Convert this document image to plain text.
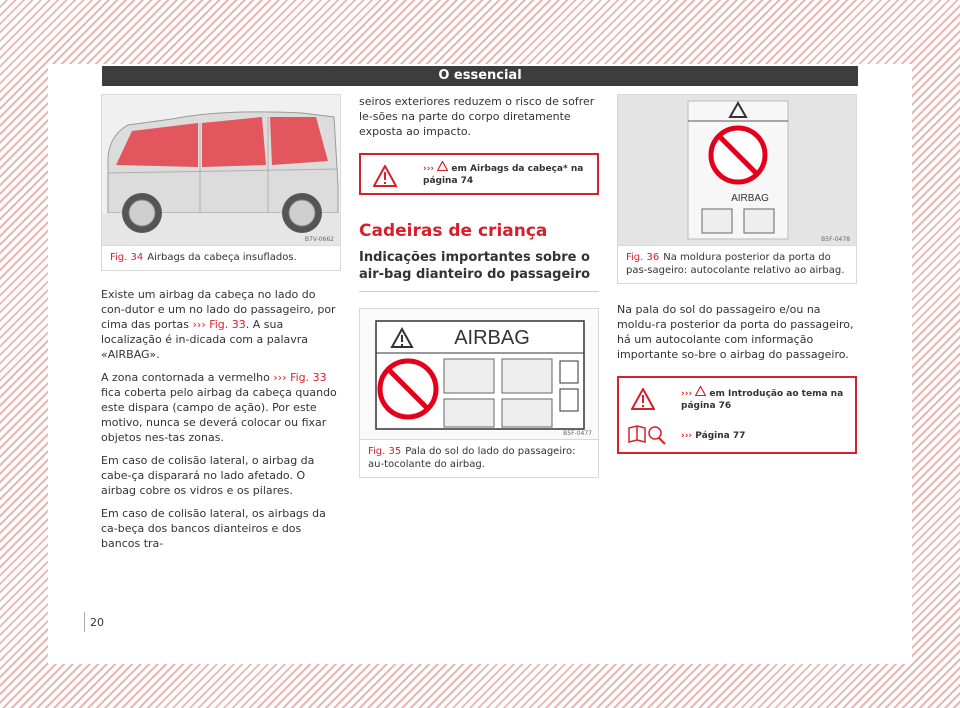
O essencial
B7V-0662
Fig. 34 Airbags da cabeça insuflados.

Existe um airbag da cabeça no lado do con-dutor e um no lado do passageiro, por cima das portas ››› Fig. 33. A sua localização é in-dicada com a palavra «AIRBAG».

A zona contornada a vermelho ››› Fig. 33 fica coberta pelo airbag da cabeça quando este dispara (campo de ação). Por este motivo, nunca se deverá colocar ou fixar objetos nes-tas zonas.

Em caso de colisão lateral, o airbag da cabe-ça disparará no lado afetado. O airbag cobre os vidros e os pilares.

Em caso de colisão lateral, os airbags da ca-beça dos bancos dianteiros e dos bancos tra-

seiros exteriores reduzem o risco de sofrer le-sões na parte do corpo diretamente exposta ao impacto.

››› em Airbags da cabeça* na página 74
Cadeiras de criança
Indicações importantes sobre o air-bag dianteiro do passageiro
AIRBAG
B5F-0477
Fig. 35 Pala do sol do lado do passageiro: au-tocolante do airbag.
AIRBAG
B5F-0478
Fig. 36 Na moldura posterior da porta do pas-sageiro: autocolante relativo ao airbag.

Na pala do sol do passageiro e/ou na moldu-ra posterior da porta do passageiro, há um autocolante com informação importante so-bre o airbag do passageiro.

››› em Introdução ao tema na página 76
››› Página 77
20
